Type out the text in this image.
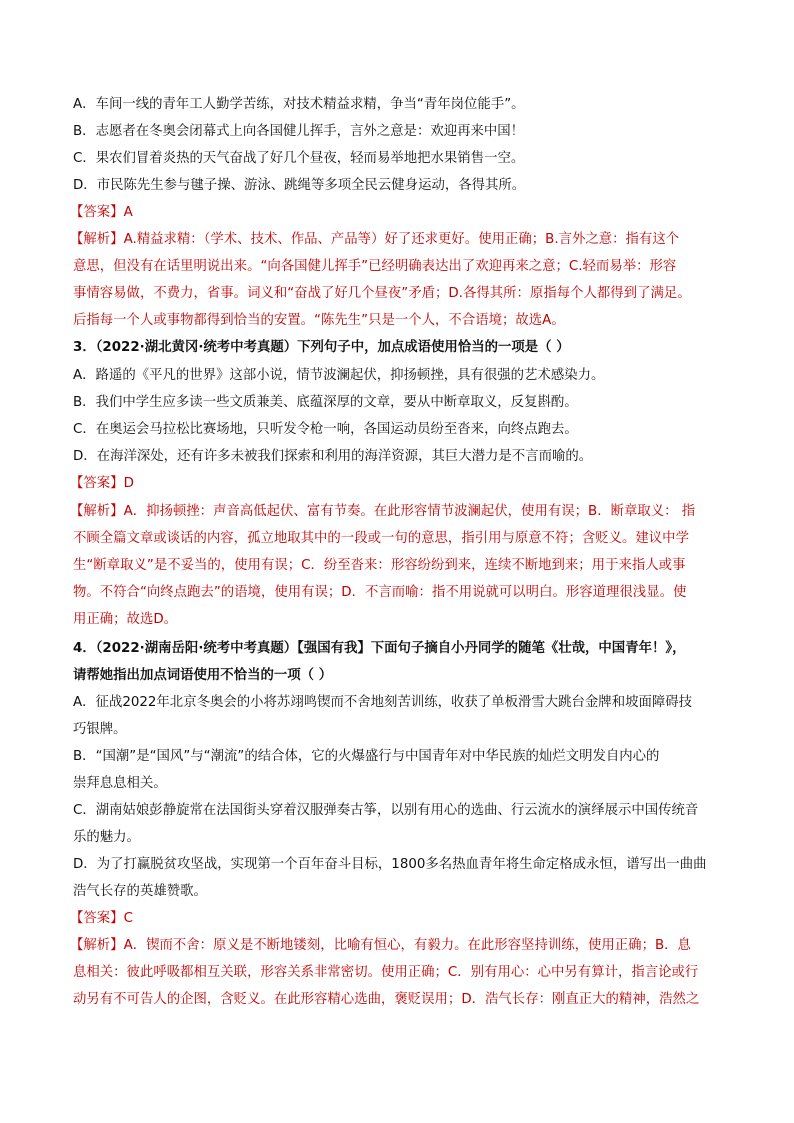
A．车间一线的青年工人勤学苦练，对技术精益求精，争当“青年岗位能手”。
B．志愿者在冬奥会闭幕式上向各国健儿挥手，言外之意是：欢迎再来中国！
C．果农们冒着炎热的天气奋战了好几个昼夜，轻而易举地把水果销售一空。
D．市民陈先生参与毽子操、游泳、跳绳等多项全民云健身运动，各得其所。
【答案】A
【解析】A.精益求精：（学术、技术、作品、产品等）好了还求更好。使用正确；B.言外之意：指有这个
意思，但没有在话里明说出来。“向各国健儿挥手”已经明确表达出了欢迎再来之意；C.轻而易举：形容
事情容易做，不费力，省事。词义和“奋战了好几个昼夜”矛盾；D.各得其所：原指每个人都得到了满足。
后指每一个人或事物都得到恰当的安置。“陈先生”只是一个人，不合语境；故选A。
3．（2022·湖北黄冈·统考中考真题）下列句子中，加点成语使用恰当的一项是（ ）
A．路遥的《平凡的世界》这部小说，情节波澜起伏，抑扬顿挫，具有很强的艺术感染力。
B．我们中学生应多读一些文质兼美、底蕴深厚的文章，要从中断章取义，反复斟酌。
C．在奥运会马拉松比赛场地，只听发令枪一响，各国运动员纷至沓来，向终点跑去。
D．在海洋深处，还有许多未被我们探索和利用的海洋资源，其巨大潜力是不言而喻的。
【答案】D
【解析】A．抑扬顿挫：声音高低起伏、富有节奏。在此形容情节波澜起伏，使用有误；B．断章取义： 指
不顾全篇文章或谈话的内容，孤立地取其中的一段或一句的意思，指引用与原意不符；含贬义。建议中学
生“断章取义”是不妥当的，使用有误；C．纷至沓来：形容纷纷到来，连续不断地到来；用于来指人或事
物。不符合“向终点跑去”的语境，使用有误；D．不言而喻：指不用说就可以明白。形容道理很浅显。使
用正确；故选D。
4．（2022·湖南岳阳·统考中考真题）【强国有我】下面句子摘自小丹同学的随笔《壮哉，中国青年！》，
请帮她指出加点词语使用不恰当的一项（ ）
A．征战2022年北京冬奥会的小将苏翊鸣锲而不舍地刻苦训练，收获了单板滑雪大跳台金牌和坡面障碍技
巧银牌。
B．“国潮”是“国风”与“潮流”的结合体，它的火爆盛行与中国青年对中华民族的灿烂文明发自内心的
崇拜息息相关。
C．湖南姑娘彭静旋常在法国街头穿着汉服弹奏古筝，以别有用心的选曲、行云流水的演绎展示中国传统音
乐的魅力。
D．为了打赢脱贫攻坚战，实现第一个百年奋斗目标，1800多名热血青年将生命定格成永恒，谱写出一曲曲
浩气长存的英雄赞歌。
【答案】C
【解析】A．锲而不舍：原义是不断地镂刻，比喻有恒心，有毅力。在此形容坚持训练，使用正确；B．息
息相关：彼此呼吸都相互关联，形容关系非常密切。使用正确；C．别有用心：心中另有算计，指言论或行
动另有不可告人的企图，含贬义。在此形容精心选曲，褒贬误用；D．浩气长存：刚直正大的精神，浩然之
